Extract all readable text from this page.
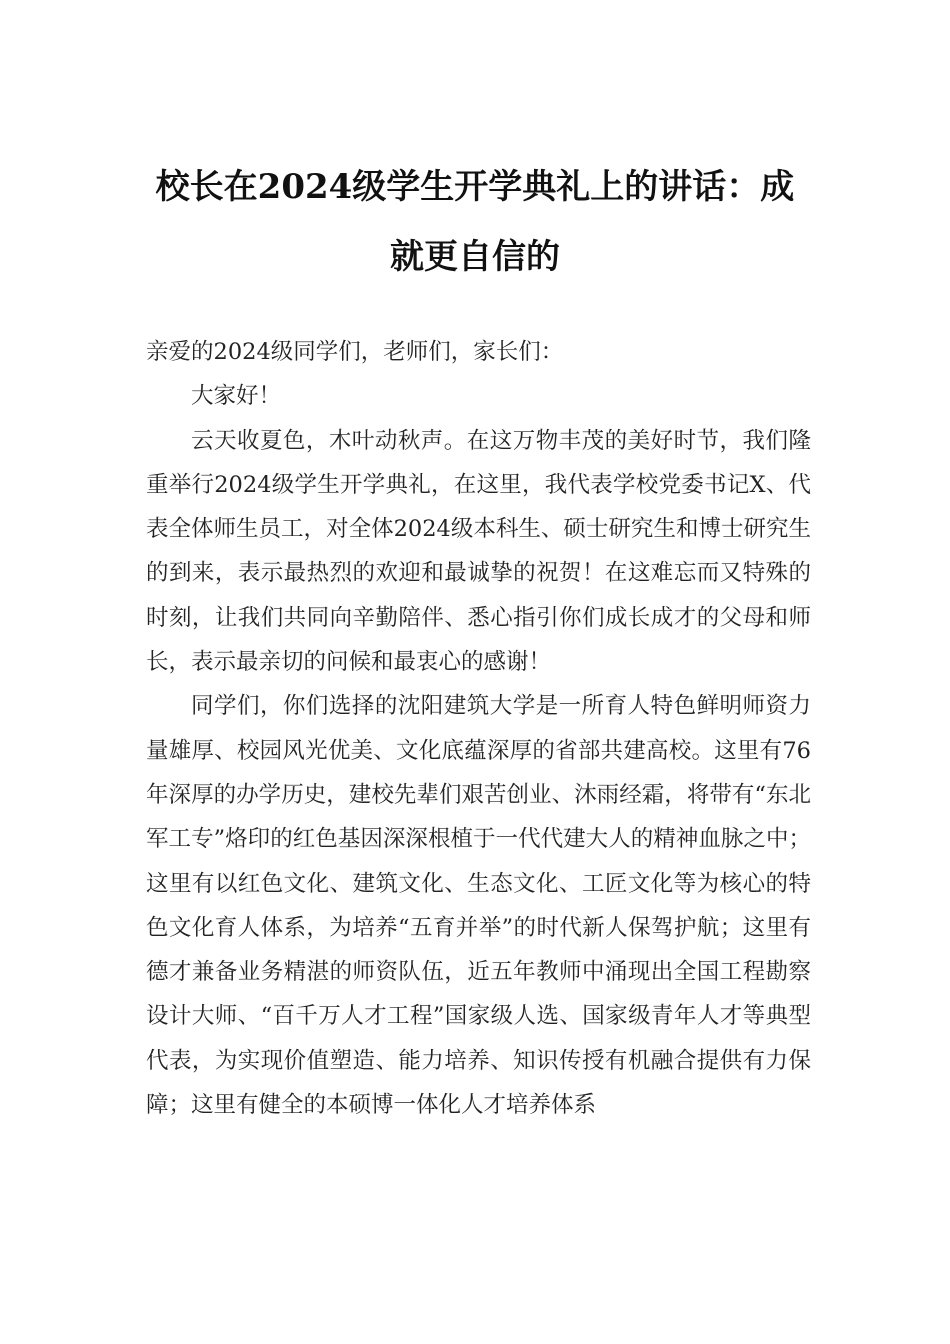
校长在2024级学生开学典礼上的讲话：成就更自信的

亲爱的2024级同学们，老师们，家长们：

大家好！

云天收夏色，木叶动秋声。在这万物丰茂的美好时节，我们隆重举行2024级学生开学典礼，在这里，我代表学校党委书记X、代表全体师生员工，对全体2024级本科生、硕士研究生和博士研究生的到来，表示最热烈的欢迎和最诚挚的祝贺！在这难忘而又特殊的时刻，让我们共同向辛勤陪伴、悉心指引你们成长成才的父母和师长，表示最亲切的问候和最衷心的感谢！

同学们，你们选择的沈阳建筑大学是一所育人特色鲜明师资力量雄厚、校园风光优美、文化底蕴深厚的省部共建高校。这里有76年深厚的办学历史，建校先辈们艰苦创业、沐雨经霜，将带有“东北军工专”烙印的红色基因深深根植于一代代建大人的精神血脉之中；这里有以红色文化、建筑文化、生态文化、工匠文化等为核心的特色文化育人体系，为培养“五育并举”的时代新人保驾护航；这里有德才兼备业务精湛的师资队伍，近五年教师中涌现出全国工程勘察设计大师、“百千万人才工程”国家级人选、国家级青年人才等典型代表，为实现价值塑造、能力培养、知识传授有机融合提供有力保障；这里有健全的本硕博一体化人才培养体系
